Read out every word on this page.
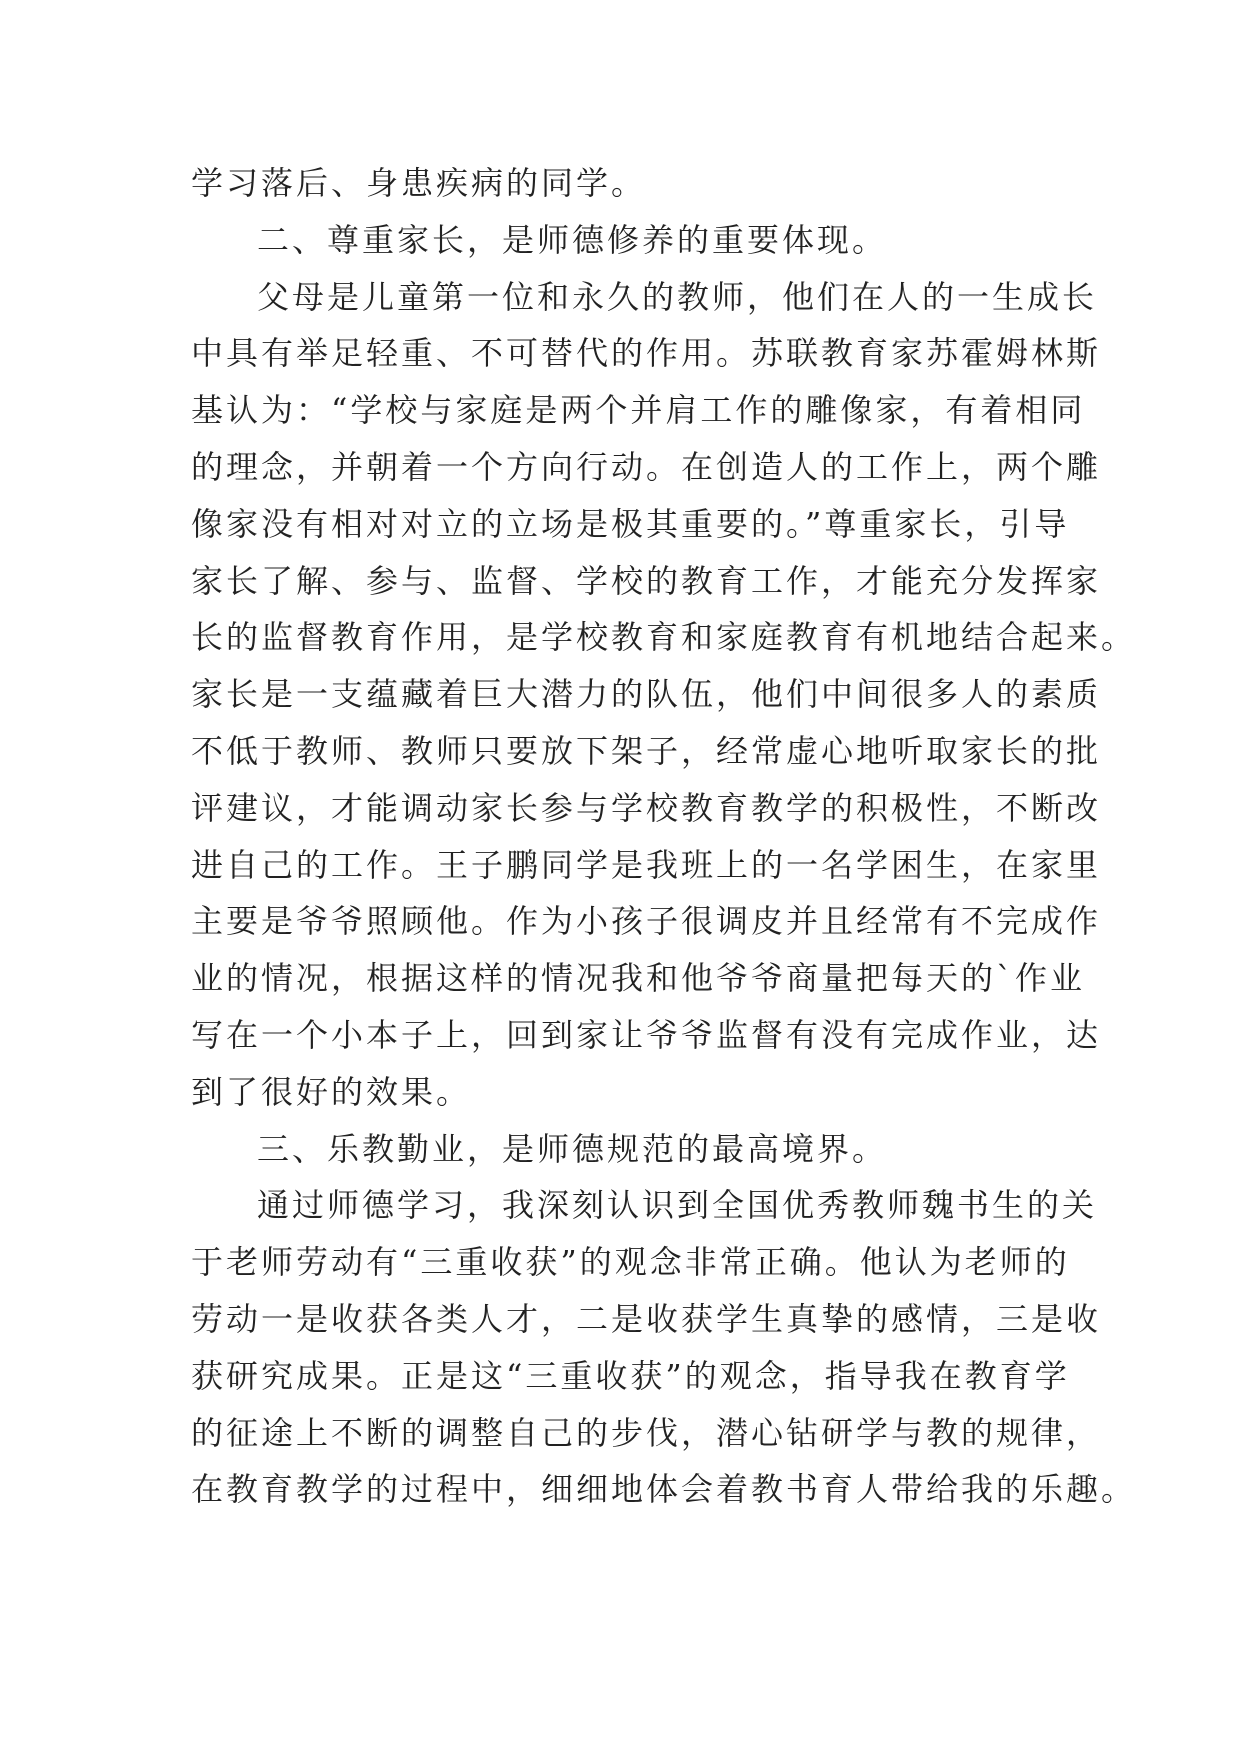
学习落后、身患疾病的同学。
二、尊重家长，是师德修养的重要体现。
父母是儿童第一位和永久的教师，他们在人的一生成长
中具有举足轻重、不可替代的作用。苏联教育家苏霍姆林斯
基认为：“学校与家庭是两个并肩工作的雕像家，有着相同
的理念，并朝着一个方向行动。在创造人的工作上，两个雕
像家没有相对对立的立场是极其重要的。”尊重家长，引导
家长了解、参与、监督、学校的教育工作，才能充分发挥家
长的监督教育作用，是学校教育和家庭教育有机地结合起来。
家长是一支蕴藏着巨大潜力的队伍，他们中间很多人的素质
不低于教师、教师只要放下架子，经常虚心地听取家长的批
评建议，才能调动家长参与学校教育教学的积极性，不断改
进自己的工作。王子鹏同学是我班上的一名学困生，在家里
主要是爷爷照顾他。作为小孩子很调皮并且经常有不完成作
业的情况，根据这样的情况我和他爷爷商量把每天的`作业
写在一个小本子上，回到家让爷爷监督有没有完成作业，达
到了很好的效果。
三、乐教勤业，是师德规范的最高境界。
通过师德学习，我深刻认识到全国优秀教师魏书生的关
于老师劳动有“三重收获”的观念非常正确。他认为老师的
劳动一是收获各类人才，二是收获学生真挚的感情，三是收
获研究成果。正是这“三重收获”的观念，指导我在教育学
的征途上不断的调整自己的步伐，潜心钻研学与教的规律，
在教育教学的过程中，细细地体会着教书育人带给我的乐趣。
